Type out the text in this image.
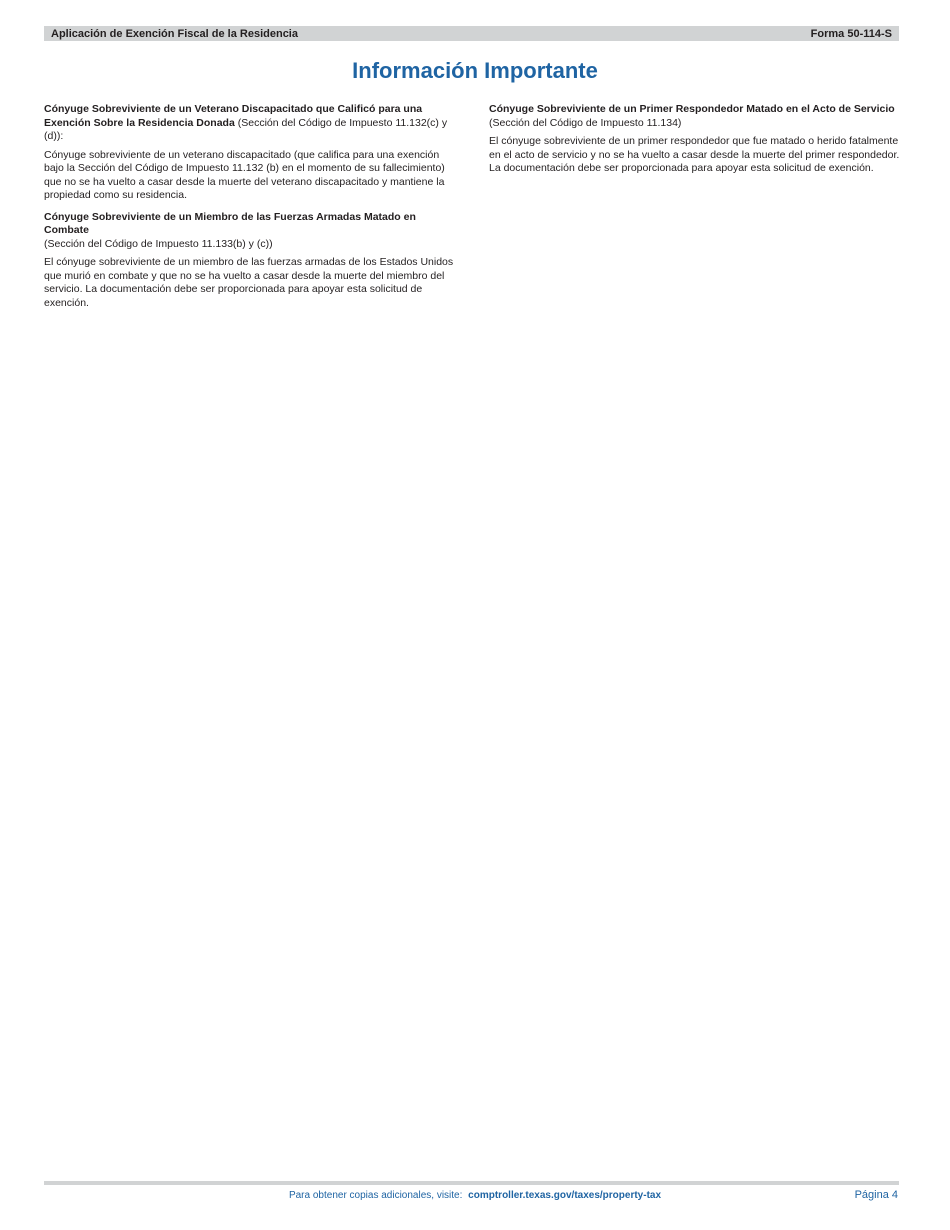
Aplicación de Exención Fiscal de la Residencia	Forma 50-114-S
Información Importante

Cónyuge Sobreviviente de un Veterano Discapacitado que Calificó para una Exención Sobre la Residencia Donada (Sección del Código de Impuesto 11.132(c) y (d)):

Cónyuge sobreviviente de un veterano discapacitado (que califica para una exención bajo la Sección del Código de Impuesto 11.132 (b) en el momento de su fallecimiento) que no se ha vuelto a casar desde la muerte del veterano discapacitado y mantiene la propiedad como su residencia.

Cónyuge Sobreviviente de un Miembro de las Fuerzas Armadas Matado en Combate
(Sección del Código de Impuesto 11.133(b) y (c))

El cónyuge sobreviviente de un miembro de las fuerzas armadas de los Estados Unidos que murió en combate y que no se ha vuelto a casar desde la muerte del miembro del servicio. La documentación debe ser proporcionada para apoyar esta solicitud de exención.

Cónyuge Sobreviviente de un Primer Respondedor Matado en el Acto de Servicio
(Sección del Código de Impuesto 11.134)

El cónyuge sobreviviente de un primer respondedor que fue matado o herido fatalmente en el acto de servicio y no se ha vuelto a casar desde la muerte del primer respondedor. La documentación debe ser proporcionada para apoyar esta solicitud de exención.

Para obtener copias adicionales, visite: comptroller.texas.gov/taxes/property-tax	Página 4
